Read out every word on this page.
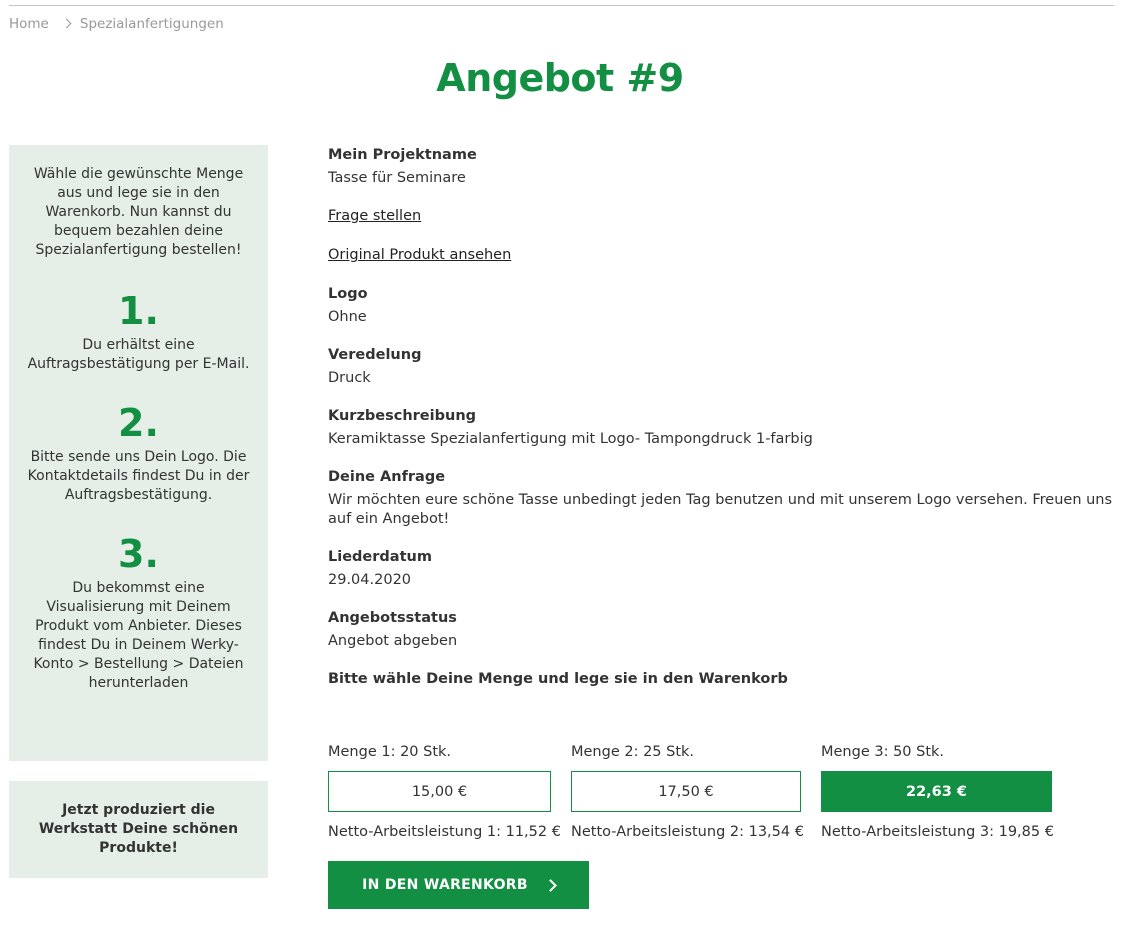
Home Spezialanfertigungen
Angebot #9

Wähle die gewünschte Menge aus und lege sie in den Warenkorb. Nun kannst du bequem bezahlen deine Spezialanfertigung bestellen!

1.

Du erhältst eine Auftragsbestätigung per E-Mail.

2.

Bitte sende uns Dein Logo. Die Kontaktdetails findest Du in der Auftragsbestätigung.

3.

Du bekommst eine Visualisierung mit Deinem Produkt vom Anbieter. Dieses findest Du in Deinem Werky-Konto > Bestellung > Dateien herunterladen

Jetzt produziert die Werkstatt Deine schönen Produkte!

Mein Projektname
Tasse für Seminare
Frage stellen
Original Produkt ansehen
Logo
Ohne
Veredelung
Druck
Kurzbeschreibung
Keramiktasse Spezialanfertigung mit Logo- Tampongdruck 1-farbig
Deine Anfrage
Wir möchten eure schöne Tasse unbedingt jeden Tag benutzen und mit unserem Logo versehen. Freuen uns auf ein Angebot!
Liederdatum
29.04.2020
Angebotsstatus
Angebot abgeben
Bitte wähle Deine Menge und lege sie in den Warenkorb
Menge 1: 20 Stk.
15,00 €
Netto-Arbeitsleistung 1: 11,52 €
Menge 2: 25 Stk.
17,50 €
Netto-Arbeitsleistung 2: 13,54 €
Menge 3: 50 Stk.
22,63 €
Netto-Arbeitsleistung 3: 19,85 €
IN DEN WARENKORB
